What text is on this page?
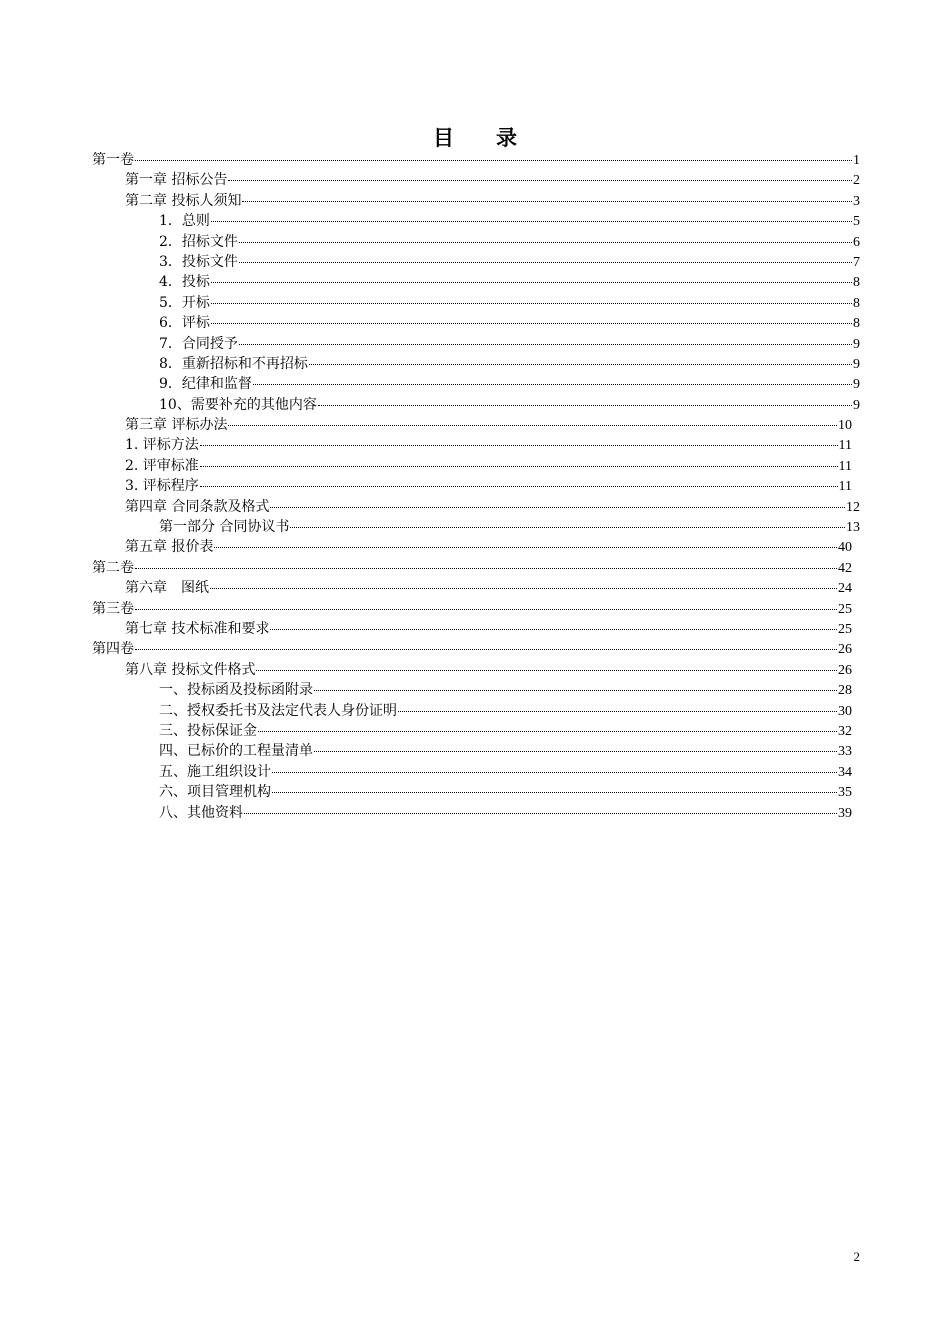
目　　录
第一卷	1
第一章 招标公告	2
第二章 投标人须知	3
1．总则	5
2．招标文件	6
3．投标文件	7
4．投标	8
5．开标	8
6．评标	8
7．合同授予	9
8．重新招标和不再招标	9
9．纪律和监督	9
10、需要补充的其他内容	9
第三章 评标办法	10
1. 评标方法	11
2. 评审标准	11
3. 评标程序	11
第四章 合同条款及格式	12
第一部分 合同协议书	13
第五章 报价表	40
第二卷	42
第六章　图纸	24
第三卷	25
第七章 技术标准和要求	25
第四卷	26
第八章 投标文件格式	26
一、投标函及投标函附录	28
二、授权委托书及法定代表人身份证明	30
三、投标保证金	32
四、已标价的工程量清单	33
五、施工组织设计	34
六、项目管理机构	35
八、其他资料	39
2
